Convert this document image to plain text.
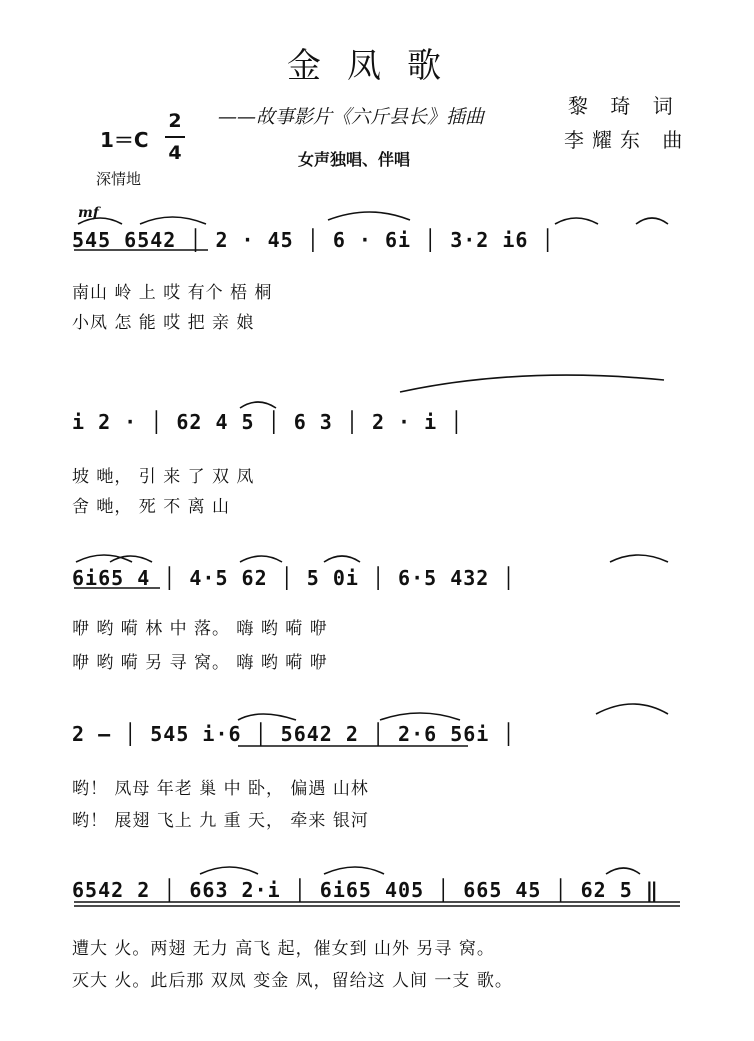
金凤歌
——故事影片《六斤县长》插曲	黎 琦 词
李耀东 曲
女声独唱、伴唱
$1=C \frac{2}{4}$
深情地
mf
545 6542 │ 2 · 45 │ 6 · 6i │ 3·2 i6 │
南山 岭 上 哎 有个 梧 桐
小凤 怎 能 哎 把 亲 娘
i 2 · │ 62 4 5 │ 6 3 │ 2 · i │
坡 哋， 引 来 了 双 凤
舍 哋， 死 不 离 山
6i65 4 │ 4·5 62 │ 5 0i │ 6·5 432 │
咿 哟 嗬 林 中 落。 嗨 哟 嗬 咿
咿 哟 嗬 另 寻 窝。 嗨 哟 嗬 咿
2 — │ 545 i·6 │ 5642 2 │ 2·6 56i │
哟！ 凤母 年老 巢 中 卧， 偏遇 山林
哟！ 展翅 飞上 九 重 天， 牵来 银河
6542 2 │ 663 2·i │ 6i65 405 │ 665 45 │ 62 5 ‖
遭大 火。两翅 无力 高飞 起，催女到 山外 另寻 窝。
灭大 火。此后那 双凤 变金 凤，留给这 人间 一支 歌。
